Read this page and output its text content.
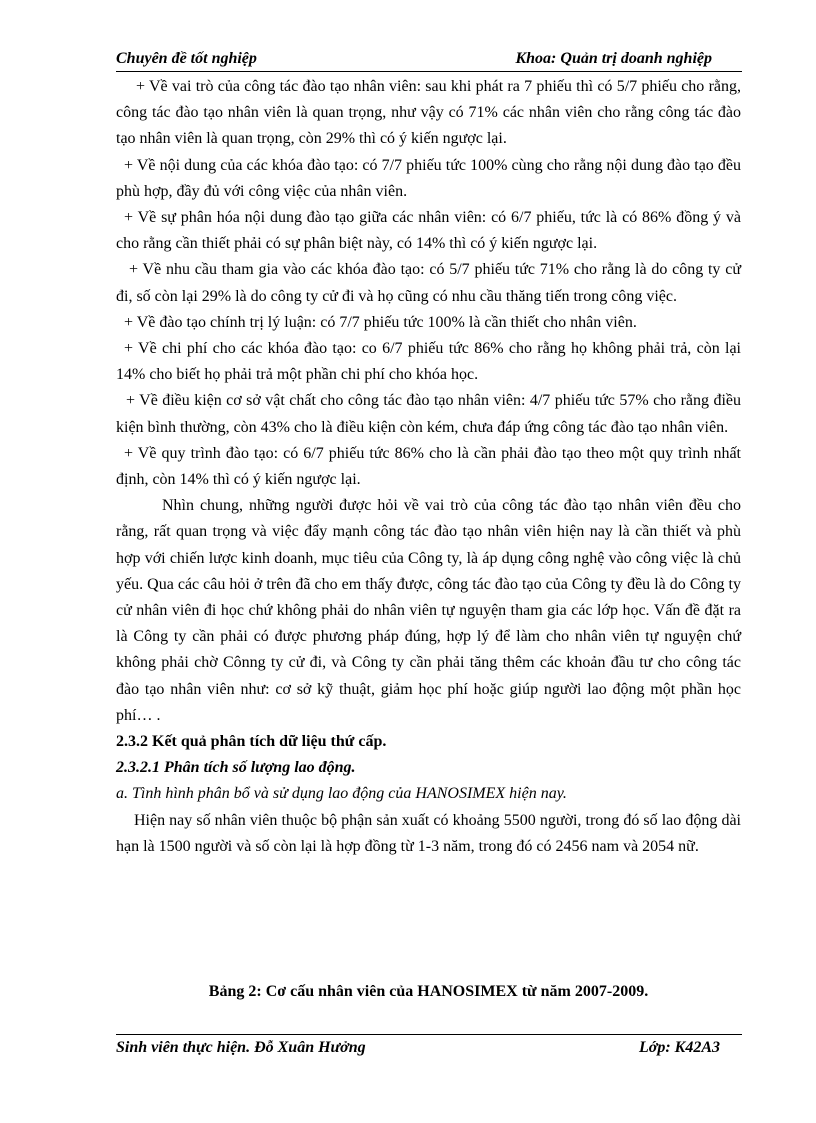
Chuyên đề tốt nghiệp	Khoa: Quản trị doanh nghiệp

+ Về vai trò của công tác đào tạo nhân viên: sau khi phát ra 7 phiếu thì có 5/7 phiếu cho rằng, công tác đào tạo nhân viên là quan trọng, như vậy có 71% các nhân viên cho rằng công tác đào tạo nhân viên là quan trọng, còn 29% thì có ý kiến ngược lại.

+ Về nội dung của các khóa đào tạo: có 7/7 phiếu tức 100% cùng cho rằng nội dung đào tạo đều phù hợp, đầy đủ với công việc của nhân viên.

+ Về sự phân hóa nội dung đào tạo giữa các nhân viên: có 6/7 phiếu, tức là có 86% đồng ý và cho rằng cần thiết phải có sự phân biệt này, có 14% thì có ý kiến ngược lại.

+ Về nhu cầu tham gia vào các khóa đào tạo: có 5/7 phiếu tức 71% cho rằng là do công ty cử đi, số còn lại 29% là do công ty cử đi và họ cũng có nhu cầu thăng tiến trong công việc.

+ Về đào tạo chính trị lý luận: có 7/7 phiếu tức 100% là cần thiết cho nhân viên.

+ Về chi phí cho các khóa đào tạo: co 6/7 phiếu tức 86% cho rằng họ không phải trả, còn lại 14% cho biết họ phải trả một phần chi phí cho khóa học.

+ Về điều kiện cơ sở vật chất cho công tác đào tạo nhân viên: 4/7 phiếu tức 57% cho rằng điều kiện bình thường, còn 43% cho là điều kiện còn kém, chưa đáp ứng công tác đào tạo nhân viên.

+ Về quy trình đào tạo: có 6/7 phiếu tức 86% cho là cần phải đào tạo theo một quy trình nhất định, còn 14% thì có ý kiến ngược lại.

Nhìn chung, những người được hỏi về vai trò của công tác đào tạo nhân viên đều cho rằng, rất quan trọng và việc đẩy mạnh công tác đào tạo nhân viên hiện nay là cần thiết và phù hợp với chiến lược kinh doanh, mục tiêu của Công ty, là áp dụng công nghệ vào công việc là chủ yếu. Qua các câu hỏi ở trên đã cho em thấy được, công tác đào tạo của Công ty đều là do Công ty cử nhân viên đi học chứ không phải do nhân viên tự nguyện tham gia các lớp học. Vấn đề đặt ra là Công ty cần phải có được phương pháp đúng, hợp lý để làm cho nhân viên tự nguyện chứ không phải chờ Cônng ty cử đi, và Công ty cần phải tăng thêm các khoản đầu tư cho công tác đào tạo nhân viên như: cơ sở kỹ thuật, giảm học phí hoặc giúp người lao động một phần học phí… .

2.3.2 Kết quả phân tích dữ liệu thứ cấp.

2.3.2.1 Phân tích số lượng lao động.

a. Tình hình phân bổ và sử dụng lao động của HANOSIMEX hiện nay.

Hiện nay số nhân viên thuộc bộ phận sản xuất có khoảng 5500 người, trong đó số lao động dài hạn là 1500 người và số còn lại là hợp đồng từ 1-3 năm, trong đó có 2456 nam và 2054 nữ.

Bảng 2: Cơ cấu nhân viên của HANOSIMEX từ năm 2007-2009.
Sinh viên thực hiện. Đỗ Xuân Hưởng	Lớp: K42A3
